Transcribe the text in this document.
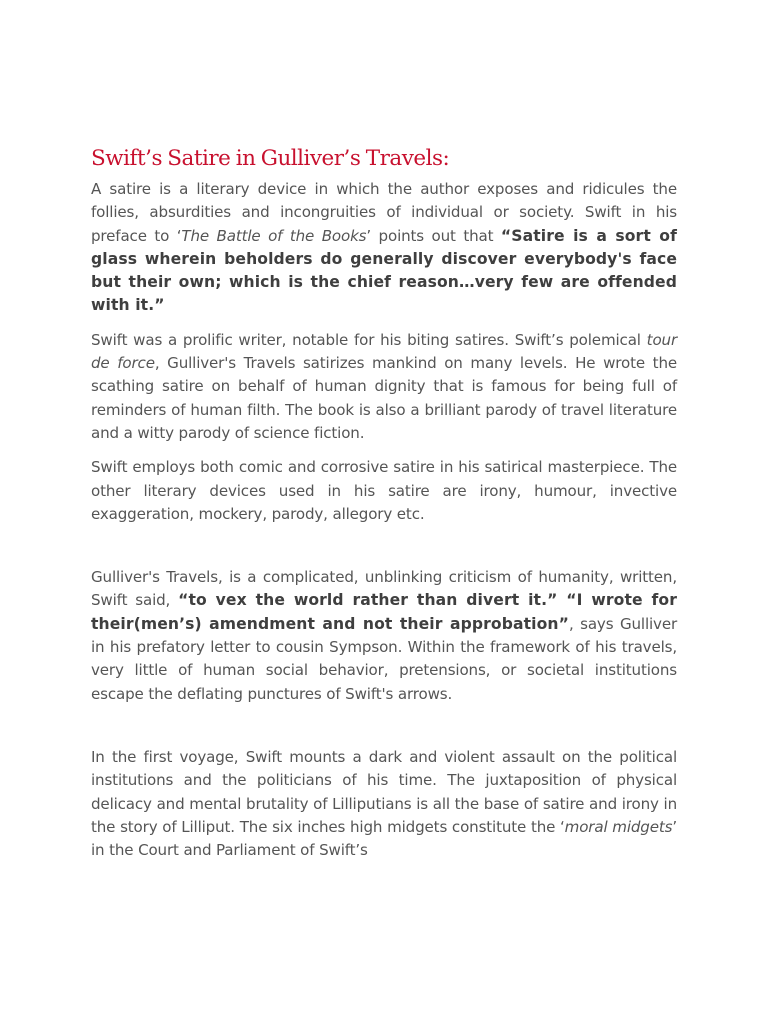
Swift’s Satire in Gulliver’s Travels:

A satire is a literary device in which the author exposes and ridicules the follies, absurdities and incongruities of individual or society. Swift in his preface to ‘The Battle of the Books’ points out that “Satire is a sort of glass wherein beholders do generally discover everybody's face but their own; which is the chief reason…very few are offended with it.”

Swift was a prolific writer, notable for his biting satires. Swift’s polemical tour de force, Gulliver's Travels satirizes mankind on many levels. He wrote the scathing satire on behalf of human dignity that is famous for being full of reminders of human filth. The book is also a brilliant parody of travel literature and a witty parody of science fiction.

Swift employs both comic and corrosive satire in his satirical masterpiece. The other literary devices used in his satire are irony, humour, invective exaggeration, mockery, parody, allegory etc.

Gulliver's Travels, is a complicated, unblinking criticism of humanity, written, Swift said, “to vex the world rather than divert it.” “I wrote for their(men’s) amendment and not their approbation”, says Gulliver in his prefatory letter to cousin Sympson. Within the framework of his travels, very little of human social behavior, pretensions, or societal institutions escape the deflating punctures of Swift's arrows.

In the first voyage, Swift mounts a dark and violent assault on the political institutions and the politicians of his time. The juxtaposition of physical delicacy and mental brutality of Lilliputians is all the base of satire and irony in the story of Lilliput. The six inches high midgets constitute the ‘moral midgets’ in the Court and Parliament of Swift’s
